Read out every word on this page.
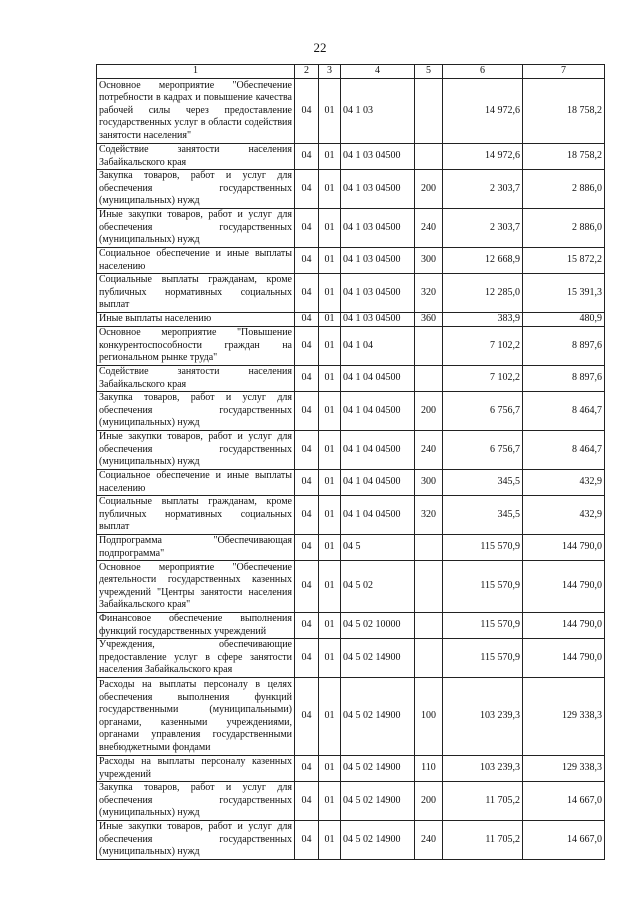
22
1	2	3	4	5	6	7
Основное мероприятие "Обеспечение потребности в кадрах и повышение качества рабочей силы через предоставление государственных услуг в области содействия занятости населения"	04	01	04 1 03		14 972,6	18 758,2
Содействие занятости населения Забайкальского края	04	01	04 1 03 04500		14 972,6	18 758,2
Закупка товаров, работ и услуг для обеспечения государственных (муниципальных) нужд	04	01	04 1 03 04500	200	2 303,7	2 886,0
Иные закупки товаров, работ и услуг для обеспечения государственных (муниципальных) нужд	04	01	04 1 03 04500	240	2 303,7	2 886,0
Социальное обеспечение и иные выплаты населению	04	01	04 1 03 04500	300	12 668,9	15 872,2
Социальные выплаты гражданам, кроме публичных нормативных социальных выплат	04	01	04 1 03 04500	320	12 285,0	15 391,3
Иные выплаты населению	04	01	04 1 03 04500	360	383,9	480,9
Основное мероприятие "Повышение конкурентоспособности граждан на региональном рынке труда"	04	01	04 1 04		7 102,2	8 897,6
Содействие занятости населения Забайкальского края	04	01	04 1 04 04500		7 102,2	8 897,6
Закупка товаров, работ и услуг для обеспечения государственных (муниципальных) нужд	04	01	04 1 04 04500	200	6 756,7	8 464,7
Иные закупки товаров, работ и услуг для обеспечения государственных (муниципальных) нужд	04	01	04 1 04 04500	240	6 756,7	8 464,7
Социальное обеспечение и иные выплаты населению	04	01	04 1 04 04500	300	345,5	432,9
Социальные выплаты гражданам, кроме публичных нормативных социальных выплат	04	01	04 1 04 04500	320	345,5	432,9
Подпрограмма "Обеспечивающая подпрограмма"	04	01	04 5		115 570,9	144 790,0
Основное мероприятие "Обеспечение деятельности государственных казенных учреждений "Центры занятости населения Забайкальского края"	04	01	04 5 02		115 570,9	144 790,0
Финансовое обеспечение выполнения функций государственных учреждений	04	01	04 5 02 10000		115 570,9	144 790,0
Учреждения, обеспечивающие предоставление услуг в сфере занятости населения Забайкальского края	04	01	04 5 02 14900		115 570,9	144 790,0
Расходы на выплаты персоналу в целях обеспечения выполнения функций государственными (муниципальными) органами, казенными учреждениями, органами управления государственными внебюджетными фондами	04	01	04 5 02 14900	100	103 239,3	129 338,3
Расходы на выплаты персоналу казенных учреждений	04	01	04 5 02 14900	110	103 239,3	129 338,3
Закупка товаров, работ и услуг для обеспечения государственных (муниципальных) нужд	04	01	04 5 02 14900	200	11 705,2	14 667,0
Иные закупки товаров, работ и услуг для обеспечения государственных (муниципальных) нужд	04	01	04 5 02 14900	240	11 705,2	14 667,0
